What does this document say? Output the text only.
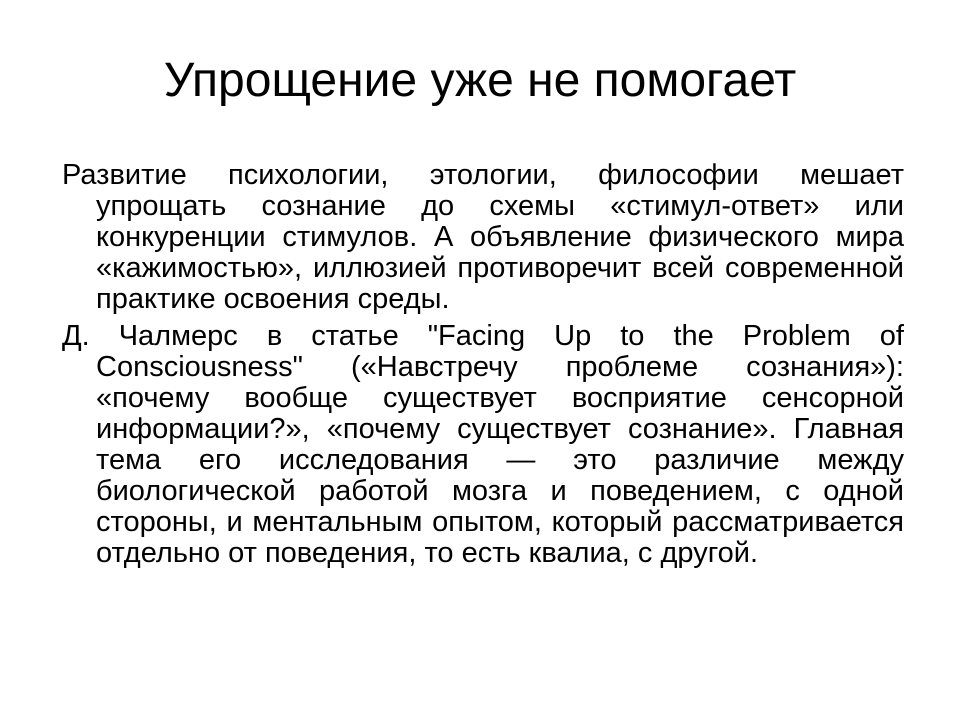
Упрощение уже не помогает
Развитие психологии, этологии, философии мешает упрощать сознание до схемы «стимул-ответ» или конкуренции стимулов. А объявление физического мира «кажимостью», иллюзией противоречит всей современной практике освоения среды.
Д. Чалмерс в статье "Facing Up to the Problem of Consciousness" («Навстречу проблеме сознания»): «почему вообще существует восприятие сенсорной информации?», «почему существует сознание». Главная тема его исследования — это различие между биологической работой мозга и поведением, с одной стороны, и ментальным опытом, который рассматривается отдельно от поведения, то есть квалиа, с другой.
